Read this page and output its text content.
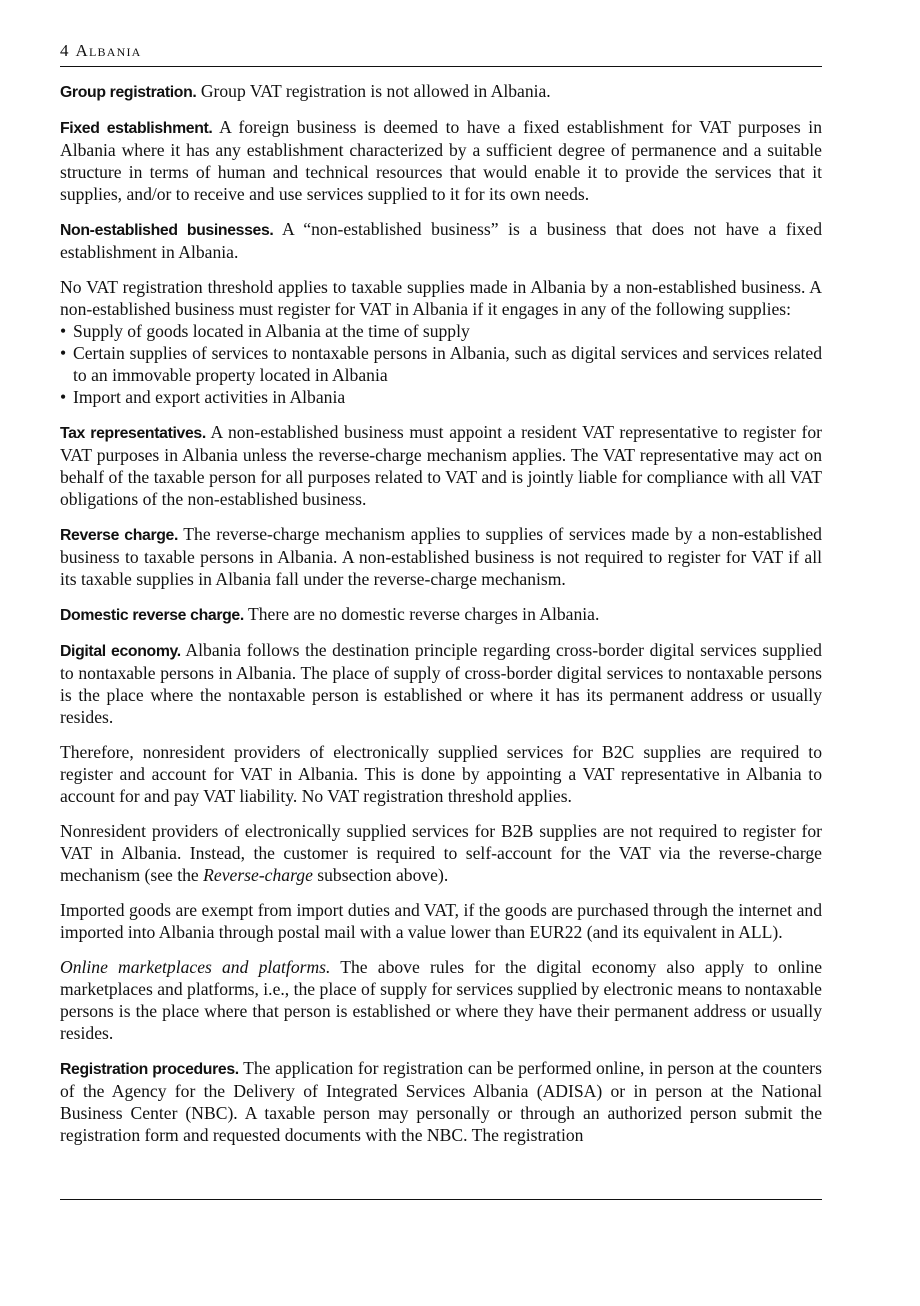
4 Albania

Group registration. Group VAT registration is not allowed in Albania.

Fixed establishment. A foreign business is deemed to have a fixed establishment for VAT purposes in Albania where it has any establishment characterized by a sufficient degree of permanence and a suitable structure in terms of human and technical resources that would enable it to provide the services that it supplies, and/or to receive and use services supplied to it for its own needs.

Non-established businesses. A “non-established business” is a business that does not have a fixed establishment in Albania.

No VAT registration threshold applies to taxable supplies made in Albania by a non-established business. A non-established business must register for VAT in Albania if it engages in any of the following supplies:

• Supply of goods located in Albania at the time of supply
• Certain supplies of services to nontaxable persons in Albania, such as digital services and services related to an immovable property located in Albania
• Import and export activities in Albania

Tax representatives. A non-established business must appoint a resident VAT representative to register for VAT purposes in Albania unless the reverse-charge mechanism applies. The VAT representative may act on behalf of the taxable person for all purposes related to VAT and is jointly liable for compliance with all VAT obligations of the non-established business.

Reverse charge. The reverse-charge mechanism applies to supplies of services made by a non-established business to taxable persons in Albania. A non-established business is not required to register for VAT if all its taxable supplies in Albania fall under the reverse-charge mechanism.

Domestic reverse charge. There are no domestic reverse charges in Albania.

Digital economy. Albania follows the destination principle regarding cross-border digital services supplied to nontaxable persons in Albania. The place of supply of cross-border digital services to nontaxable persons is the place where the nontaxable person is established or where it has its permanent address or usually resides.

Therefore, nonresident providers of electronically supplied services for B2C supplies are required to register and account for VAT in Albania. This is done by appointing a VAT representative in Albania to account for and pay VAT liability. No VAT registration threshold applies.

Nonresident providers of electronically supplied services for B2B supplies are not required to register for VAT in Albania. Instead, the customer is required to self-account for the VAT via the reverse-charge mechanism (see the Reverse-charge subsection above).

Imported goods are exempt from import duties and VAT, if the goods are purchased through the internet and imported into Albania through postal mail with a value lower than EUR22 (and its equivalent in ALL).

Online marketplaces and platforms. The above rules for the digital economy also apply to online marketplaces and platforms, i.e., the place of supply for services supplied by electronic means to nontaxable persons is the place where that person is established or where they have their permanent address or usually resides.

Registration procedures. The application for registration can be performed online, in person at the counters of the Agency for the Delivery of Integrated Services Albania (ADISA) or in person at the National Business Center (NBC). A taxable person may personally or through an authorized person submit the registration form and requested documents with the NBC. The registration
